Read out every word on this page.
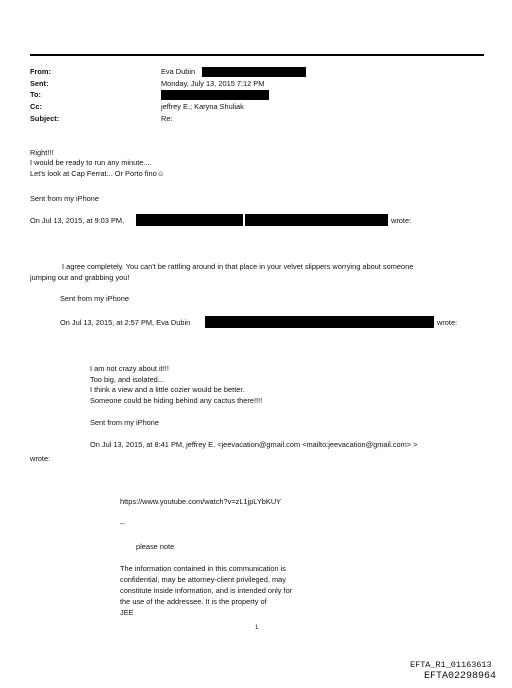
From:
Sent:
To:
Cc:
Subject:
Eva Dubin
Monday, July 13, 2015 7:12 PM
jeffrey E.; Karyna Shuliak
Re:
Right!!!
I would be ready to run any minute....
Let's look at Cap Ferrat... Or Porto fino☺
Sent from my iPhone
On Jul 13, 2015, at 9:03 PM,	wrote:
I agree completely. You can't be rattling around in that place in your velvet slippers worrying about someone
jumping out and grabbing you!
Sent from my iPhone
On Jul 13, 2015, at 2:57 PM, Eva Dubin	wrote:
I am not crazy about it!!!
Too big, and isolated...
I think a view and a little cozier would be better.
Someone could be hiding behind any cactus there!!!!
Sent from my iPhone
On Jul 13, 2015, at 8:41 PM, jeffrey E. <jeevacation@gmail.com <mailto:jeevacation@gmail.com> >
wrote:
https://www.youtube.com/watch?v=zL1jpLYbKUY
--
please note
The information contained in this communication is
confidential, may be attorney-client privileged, may
constitute inside information, and is intended only for
the use of the addressee. It is the property of
JEE
1
EFTA_R1_01163613
EFTA02298964
